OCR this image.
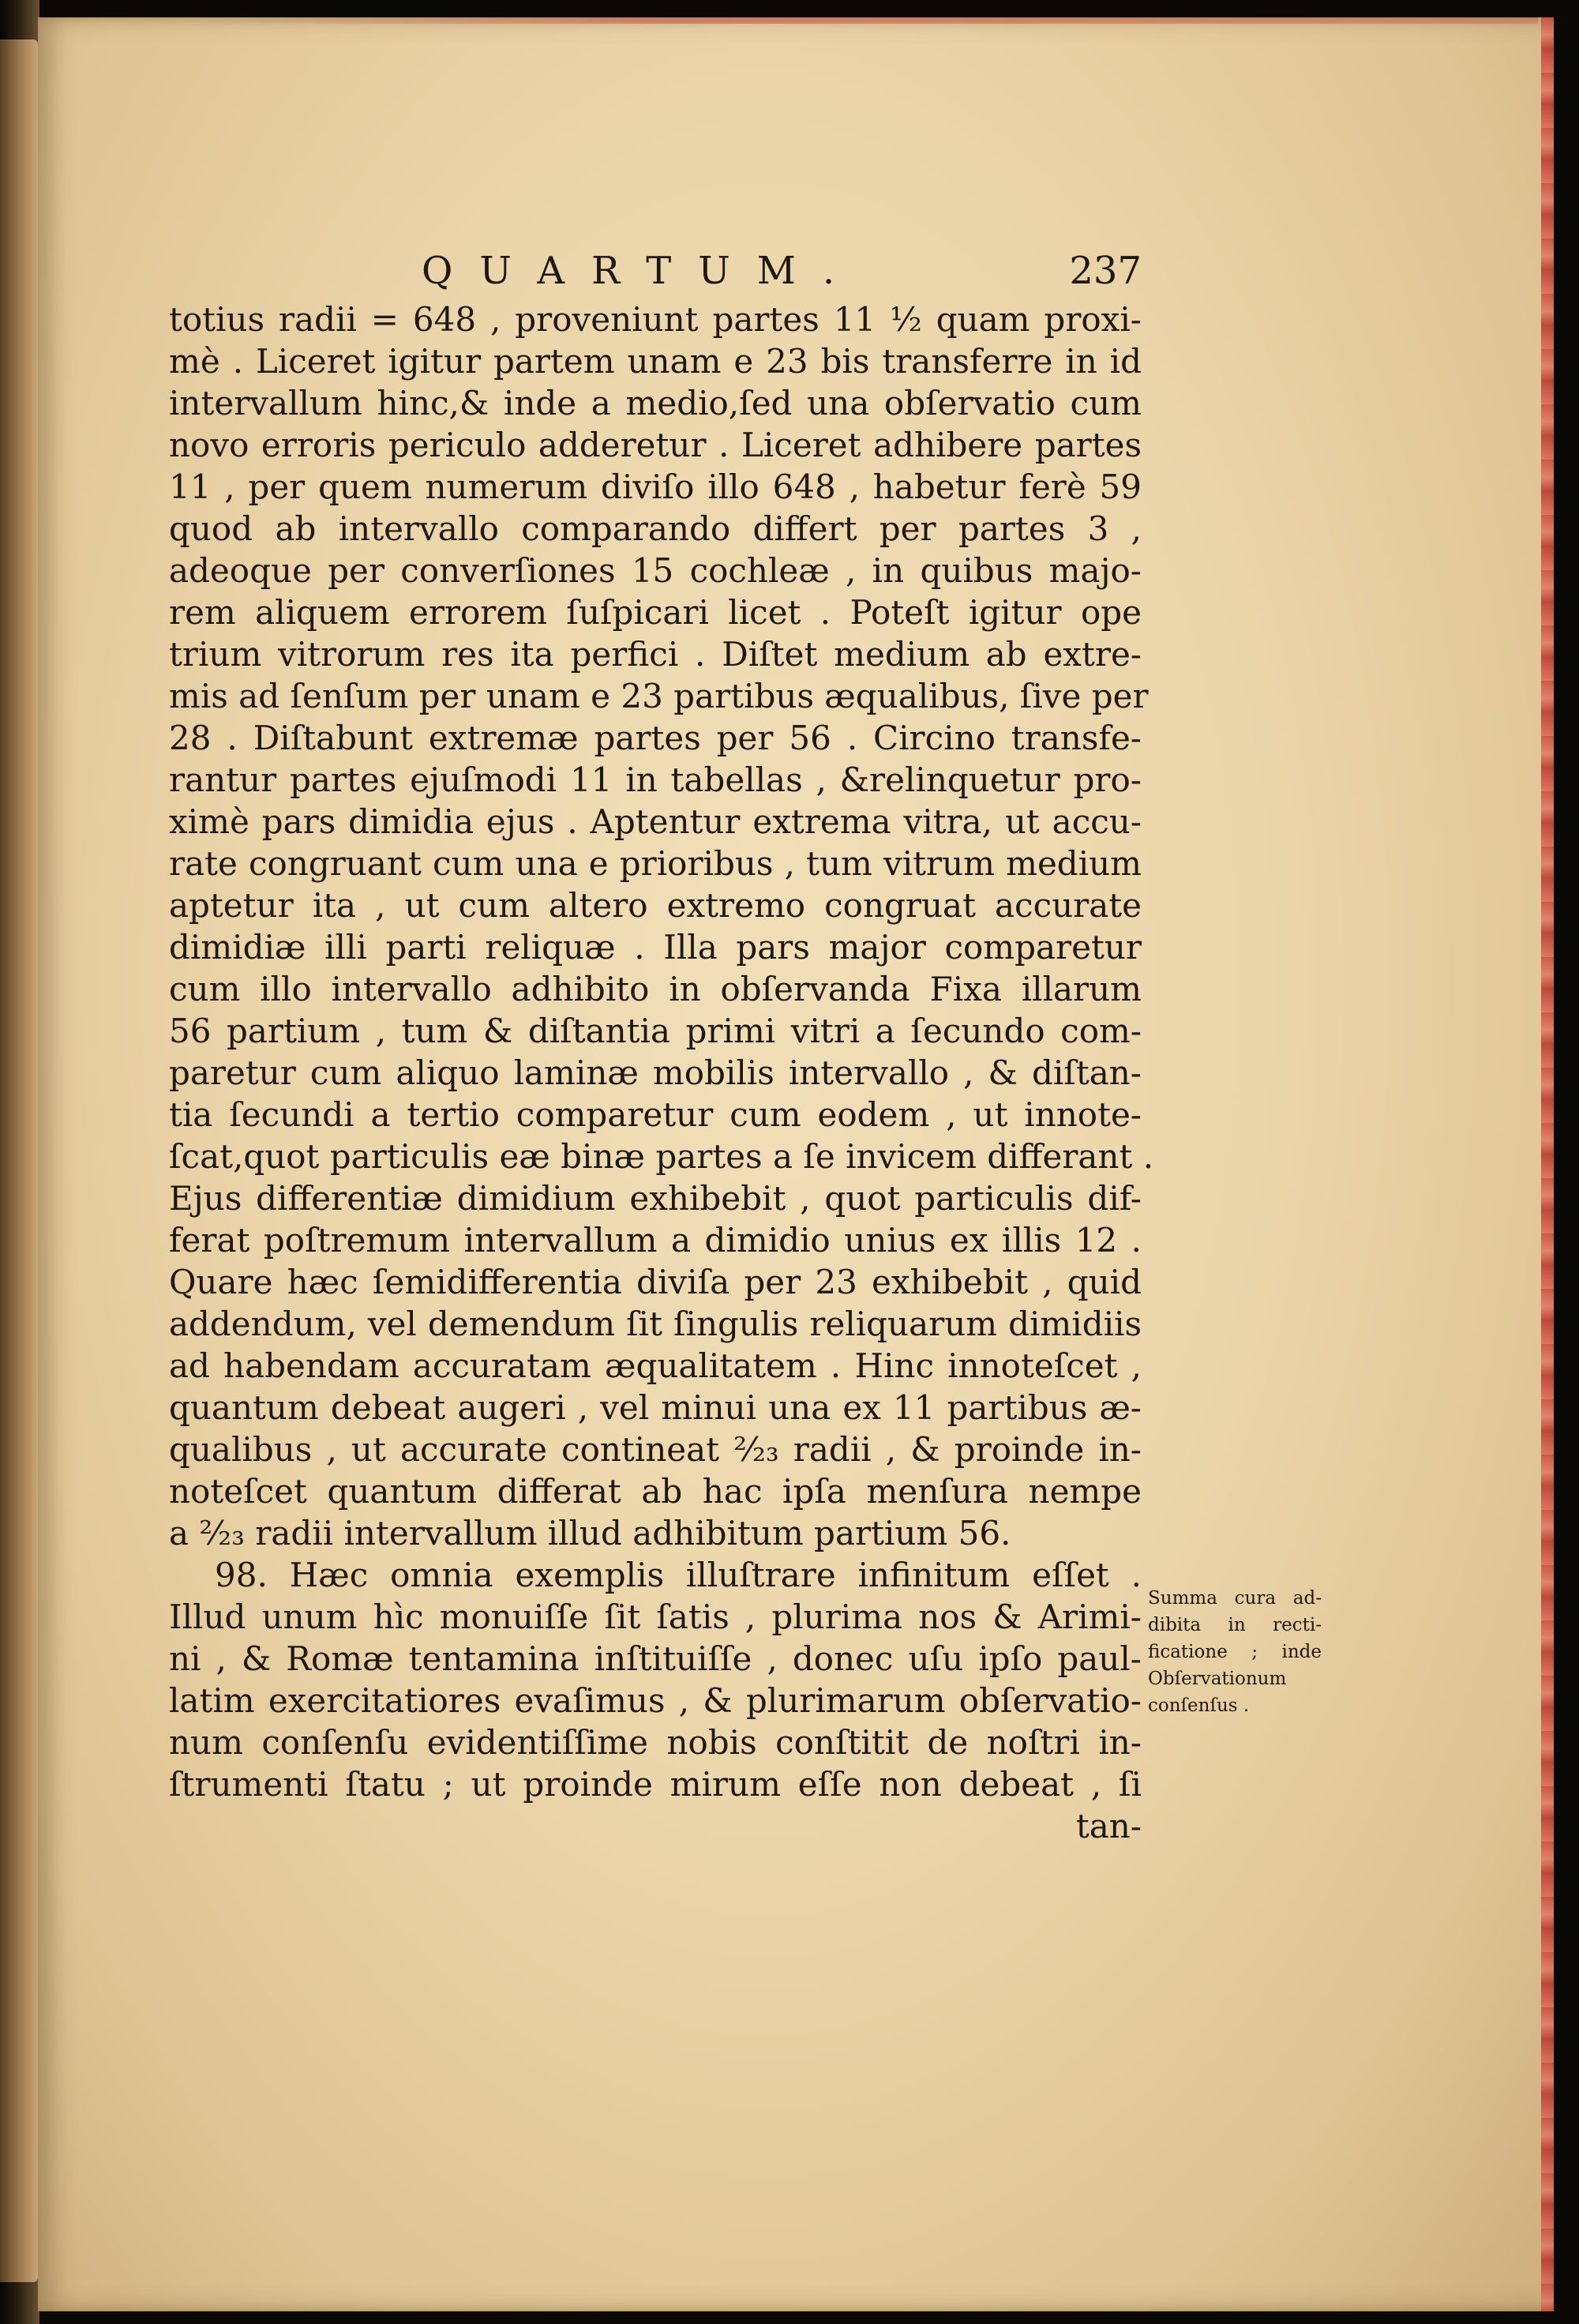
QUARTUM.	237
totius radii = 648 , proveniunt partes 11 ½ quam proxi-
mè . Liceret igitur partem unam e 23 bis transferre in id
intervallum hinc,& inde a medio,ſed una obſervatio cum
novo erroris periculo adderetur . Liceret adhibere partes
11 , per quem numerum diviſo illo 648 , habetur ferè 59
quod ab intervallo comparando differt per partes 3 ,
adeoque per converſiones 15 cochleæ , in quibus majo-
rem aliquem errorem ſuſpicari licet . Poteſt igitur ope
trium vitrorum res ita perfici . Diſtet medium ab extre-
mis ad ſenſum per unam e 23 partibus æqualibus, ſive per
28 . Diſtabunt extremæ partes per 56 . Circino transfe-
rantur partes ejuſmodi 11 in tabellas , &relinquetur pro-
ximè pars dimidia ejus . Aptentur extrema vitra, ut accu-
rate congruant cum una e prioribus , tum vitrum medium
aptetur ita , ut cum altero extremo congruat accurate
dimidiæ illi parti reliquæ . Illa pars major comparetur
cum illo intervallo adhibito in obſervanda Fixa illarum
56 partium , tum & diſtantia primi vitri a ſecundo com-
paretur cum aliquo laminæ mobilis intervallo , & diſtan-
tia ſecundi a tertio comparetur cum eodem , ut innote-
ſcat,quot particulis eæ binæ partes a ſe invicem differant .
Ejus differentiæ dimidium exhibebit , quot particulis dif-
ferat poſtremum intervallum a dimidio unius ex illis 12 .
Quare hæc ſemidifferentia diviſa per 23 exhibebit , quid
addendum, vel demendum ſit ſingulis reliquarum dimidiis
ad habendam accuratam æqualitatem . Hinc innoteſcet ,
quantum debeat augeri , vel minui una ex 11 partibus æ-
qualibus , ut accurate contineat ²⁄₂₃ radii , & proinde in-
noteſcet quantum differat ab hac ipſa menſura nempe
a ²⁄₂₃ radii intervallum illud adhibitum partium 56.
98. Hæc omnia exemplis illuſtrare infinitum eſſet .
Illud unum hìc monuiſſe ſit ſatis , plurima nos & Arimi-
ni , & Romæ tentamina inſtituiſſe , donec uſu ipſo paul-
latim exercitatiores evaſimus , & plurimarum obſervatio-
num conſenſu evidentiſſime nobis conſtitit de noſtri in-
ſtrumenti ſtatu ; ut proinde mirum eſſe non debeat , ſi
tan-
Summa cura ad-
dibita in recti-
ficatione ; inde
Obſervationum
conſenſus .
